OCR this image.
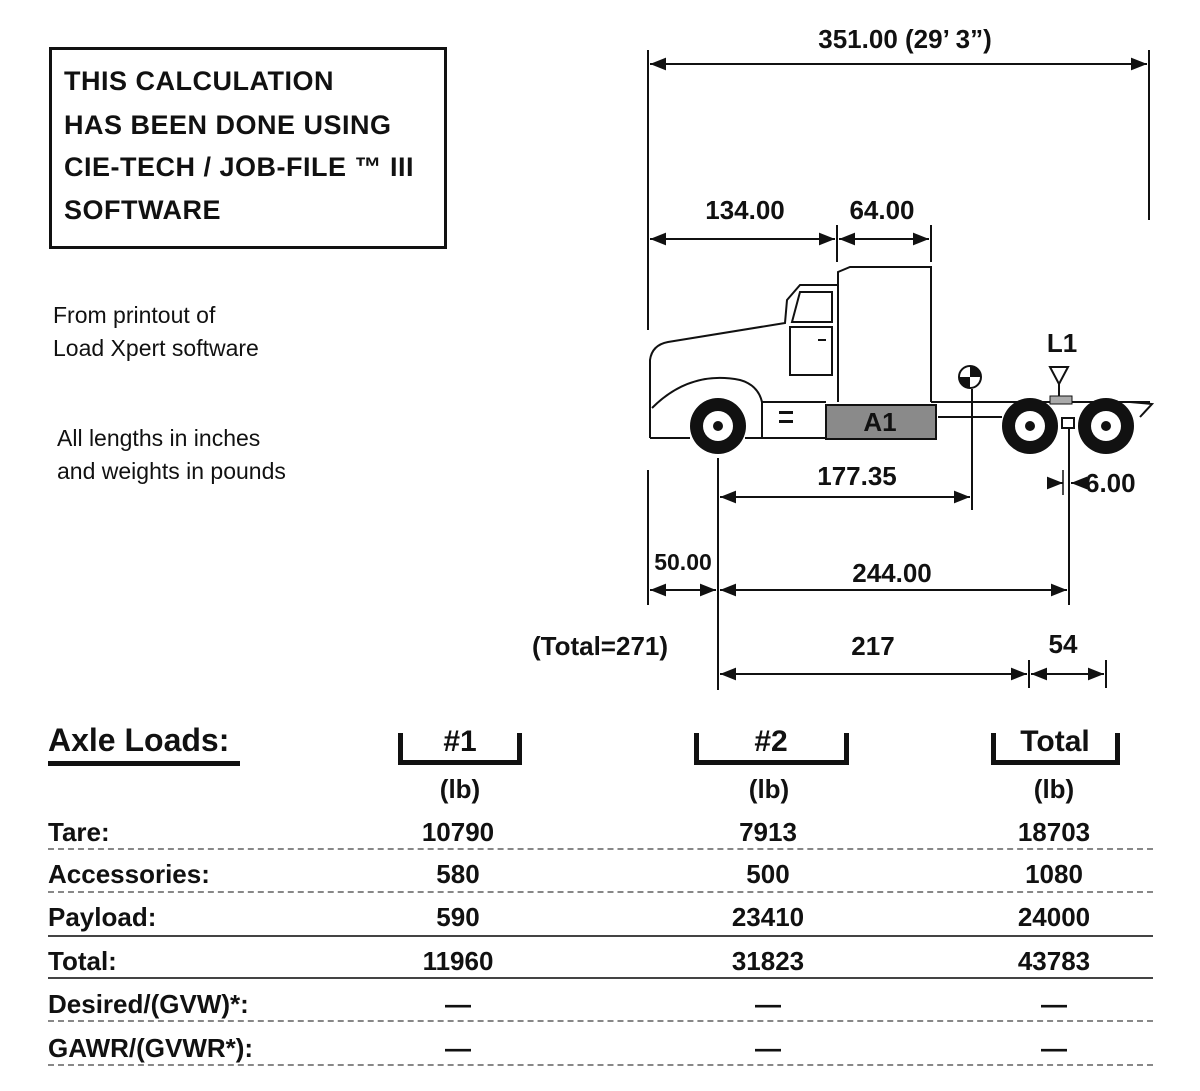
THIS CALCULATION
HAS BEEN DONE USING
CIE-TECH / JOB-FILE ™ III
SOFTWARE
From printout of
Load Xpert software
All lengths in inches
and weights in pounds
351.00 (29’ 3”)
134.00 64.00
A1
L1
177.35	6.00
50.00	244.00
(Total=271)	217	54
Axle Loads:	#1	#2	Total
(lb)	(lb)	(lb)
Tare:	10790	7913	18703
Accessories:	580	500	1080
Payload:	590	23410	24000
Total:	11960	31823	43783
Desired/(GVW)*:	—	—	—
GAWR/(GVWR*):	—	—	—
